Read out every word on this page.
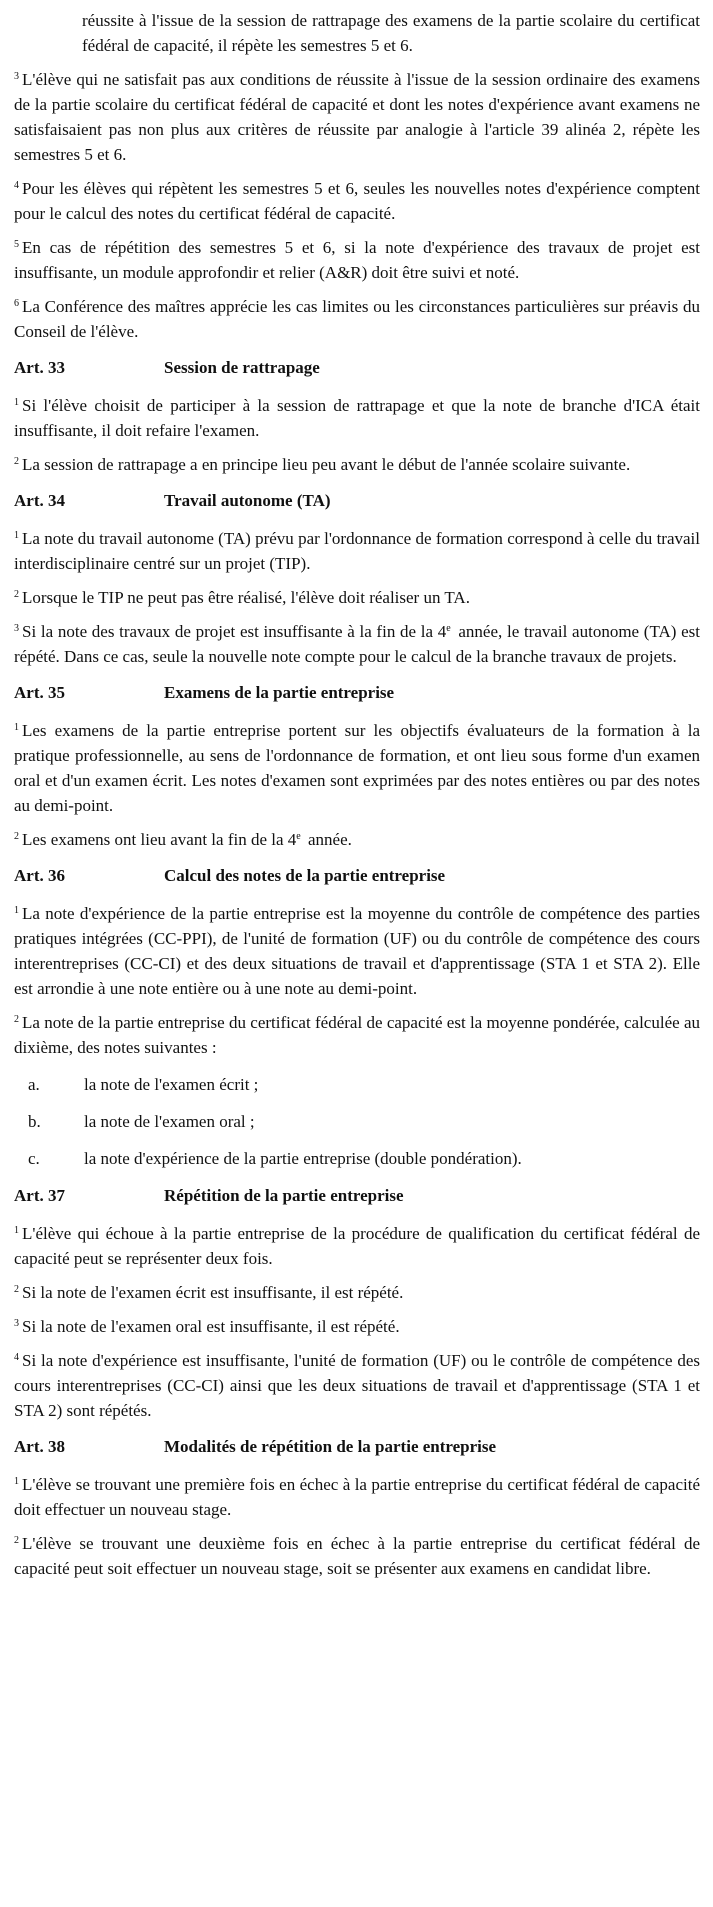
réussite à l'issue de la session de rattrapage des examens de la partie scolaire du certificat fédéral de capacité, il répète les semestres 5 et 6.

$^3$ L'élève qui ne satisfait pas aux conditions de réussite à l'issue de la session ordinaire des examens de la partie scolaire du certificat fédéral de capacité et dont les notes d'expérience avant examens ne satisfaisaient pas non plus aux critères de réussite par analogie à l'article 39 alinéa 2, répète les semestres 5 et 6.

$^4$ Pour les élèves qui répètent les semestres 5 et 6, seules les nouvelles notes d'expérience comptent pour le calcul des notes du certificat fédéral de capacité.

$^5$ En cas de répétition des semestres 5 et 6, si la note d'expérience des travaux de projet est insuffisante, un module approfondir et relier (A&R) doit être suivi et noté.

$^6$ La Conférence des maîtres apprécie les cas limites ou les circonstances particulières sur préavis du Conseil de l'élève.

Art. 33	Session de rattrapage

$^1$ Si l'élève choisit de participer à la session de rattrapage et que la note de branche d'ICA était insuffisante, il doit refaire l'examen.

$^2$ La session de rattrapage a en principe lieu peu avant le début de l'année scolaire suivante.

Art. 34	Travail autonome (TA)

$^1$ La note du travail autonome (TA) prévu par l'ordonnance de formation correspond à celle du travail interdisciplinaire centré sur un projet (TIP).

$^2$ Lorsque le TIP ne peut pas être réalisé, l'élève doit réaliser un TA.

$^3$ Si la note des travaux de projet est insuffisante à la fin de la 4e année, le travail autonome (TA) est répété. Dans ce cas, seule la nouvelle note compte pour le calcul de la branche travaux de projets.

Art. 35	Examens de la partie entreprise

$^1$ Les examens de la partie entreprise portent sur les objectifs évaluateurs de la formation à la pratique professionnelle, au sens de l'ordonnance de formation, et ont lieu sous forme d'un examen oral et d'un examen écrit. Les notes d'examen sont exprimées par des notes entières ou par des notes au demi-point.

$^2$ Les examens ont lieu avant la fin de la 4e année.

Art. 36	Calcul des notes de la partie entreprise

$^1$ La note d'expérience de la partie entreprise est la moyenne du contrôle de compétence des parties pratiques intégrées (CC-PPI), de l'unité de formation (UF) ou du contrôle de compétence des cours interentreprises (CC-CI) et des deux situations de travail et d'apprentissage (STA 1 et STA 2). Elle est arrondie à une note entière ou à une note au demi-point.

$^2$ La note de la partie entreprise du certificat fédéral de capacité est la moyenne pondérée, calculée au dixième, des notes suivantes :

a.	la note de l'examen écrit ;
b.	la note de l'examen oral ;
c.	la note d'expérience de la partie entreprise (double pondération).
Art. 37	Répétition de la partie entreprise

$^1$ L'élève qui échoue à la partie entreprise de la procédure de qualification du certificat fédéral de capacité peut se représenter deux fois.

$^2$ Si la note de l'examen écrit est insuffisante, il est répété.

$^3$ Si la note de l'examen oral est insuffisante, il est répété.

$^4$ Si la note d'expérience est insuffisante, l'unité de formation (UF) ou le contrôle de compétence des cours interentreprises (CC-CI) ainsi que les deux situations de travail et d'apprentissage (STA 1 et STA 2) sont répétés.

Art. 38	Modalités de répétition de la partie entreprise

$^1$ L'élève se trouvant une première fois en échec à la partie entreprise du certificat fédéral de capacité doit effectuer un nouveau stage.

$^2$ L'élève se trouvant une deuxième fois en échec à la partie entreprise du certificat fédéral de capacité peut soit effectuer un nouveau stage, soit se présenter aux examens en candidat libre.
